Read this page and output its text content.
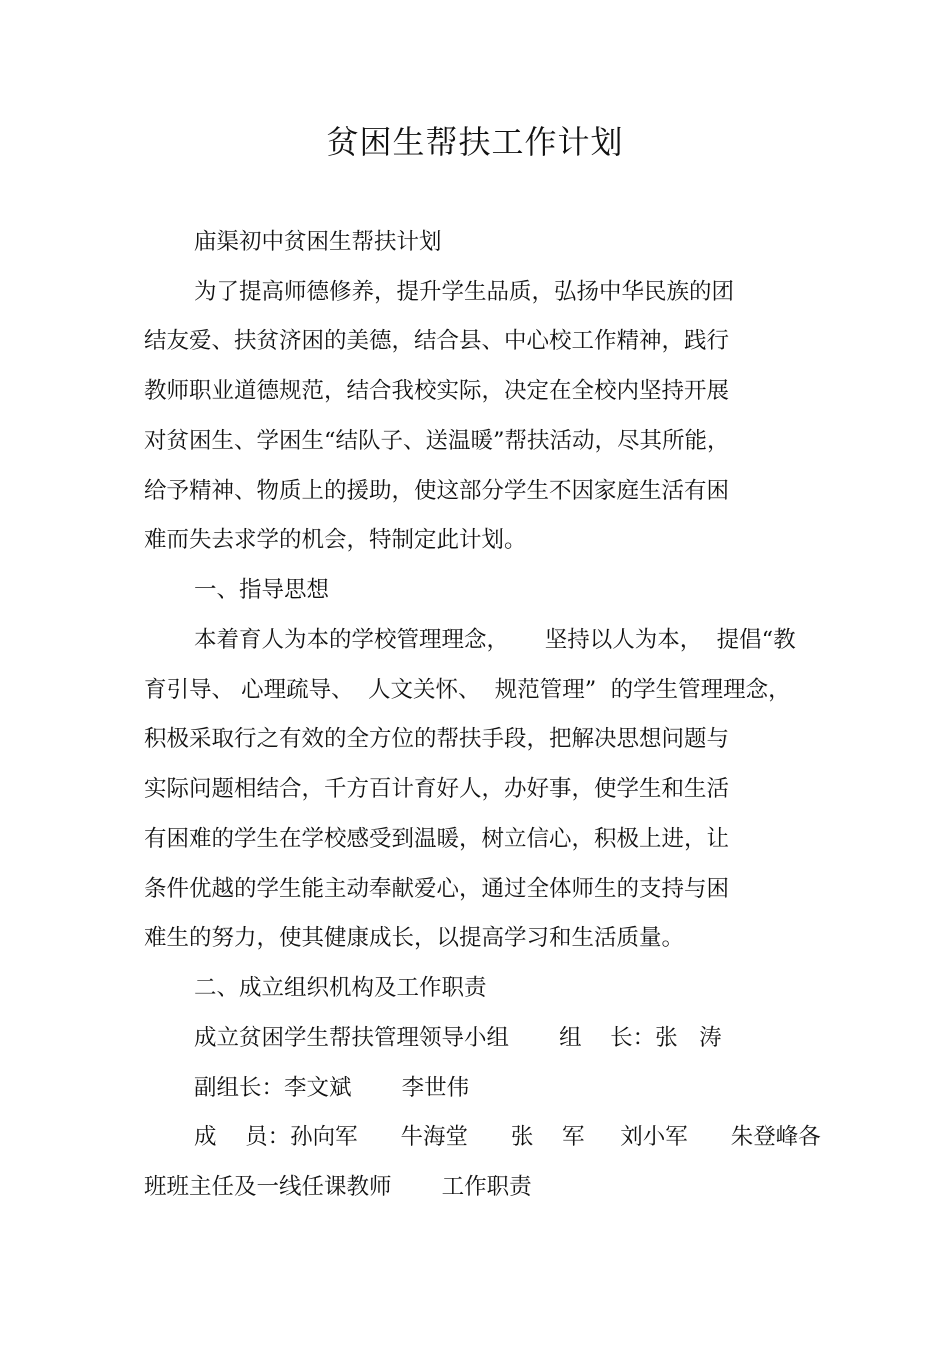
贫困生帮扶工作计划
庙渠初中贫困生帮扶计划
为了提高师德修养，提升学生品质，弘扬中华民族的团
结友爱、扶贫济困的美德，结合县、中心校工作精神，践行
教师职业道德规范，结合我校实际，决定在全校内坚持开展
对贫困生、学困生“结队子、送温暖”帮扶活动，尽其所能，
给予精神、物质上的援助，使这部分学生不因家庭生活有困
难而失去求学的机会，特制定此计划。
一、指导思想
本着育人为本的学校管理理念，     坚持以人为本，  提倡“教
育引导、 心理疏导、  人文关怀、  规范管理”  的学生管理理念，
积极采取行之有效的全方位的帮扶手段，把解决思想问题与
实际问题相结合，千方百计育好人，办好事，使学生和生活
有困难的学生在学校感受到温暖，树立信心，积极上进，让
条件优越的学生能主动奉献爱心，通过全体师生的支持与困
难生的努力，使其健康成长，以提高学习和生活质量。
二、成立组织机构及工作职责
成立贫困学生帮扶管理领导小组       组    长：张   涛
副组长：李文斌       李世伟
成    员：孙向军      牛海堂      张    军     刘小军      朱登峰各
班班主任及一线任课教师       工作职责
